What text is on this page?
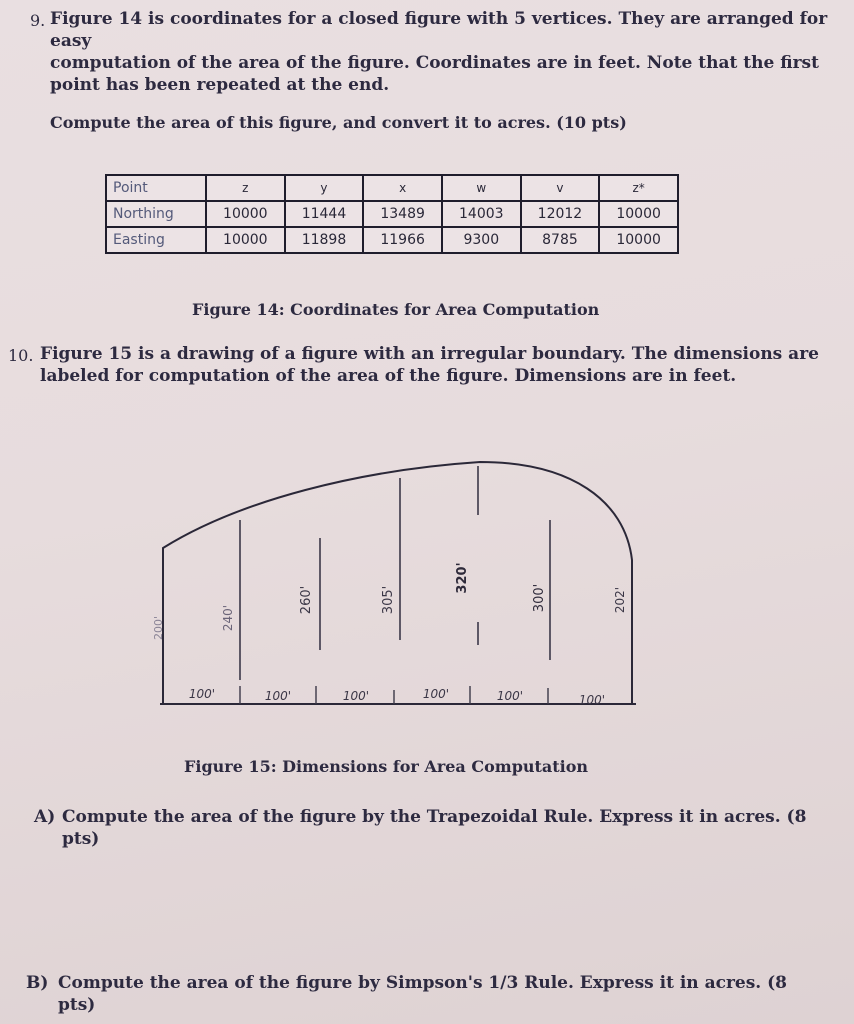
9. Figure 14 is coordinates for a closed figure with 5 vertices. They are arranged for easy
computation of the area of the figure. Coordinates are in feet. Note that the first
point has been repeated at the end.
Compute the area of this figure, and convert it to acres. (10 pts)
Point	z	y	x	w	v	z*
Northing	10000	11444	13489	14003	12012	10000
Easting	10000	11898	11966	9300	8785	10000
Figure 14: Coordinates for Area Computation
10. Figure 15 is a drawing of a figure with an irregular boundary. The dimensions are
labeled for computation of the area of the figure. Dimensions are in feet.
200'	240'
260'	305'
320'
300'	202'
100'	100'	100'	100'	100'	100'
Figure 15: Dimensions for Area Computation
A) Compute the area of the figure by the Trapezoidal Rule. Express it in acres. (8
pts)
B) Compute the area of the figure by Simpson's 1/3 Rule. Express it in acres. (8 pts)
